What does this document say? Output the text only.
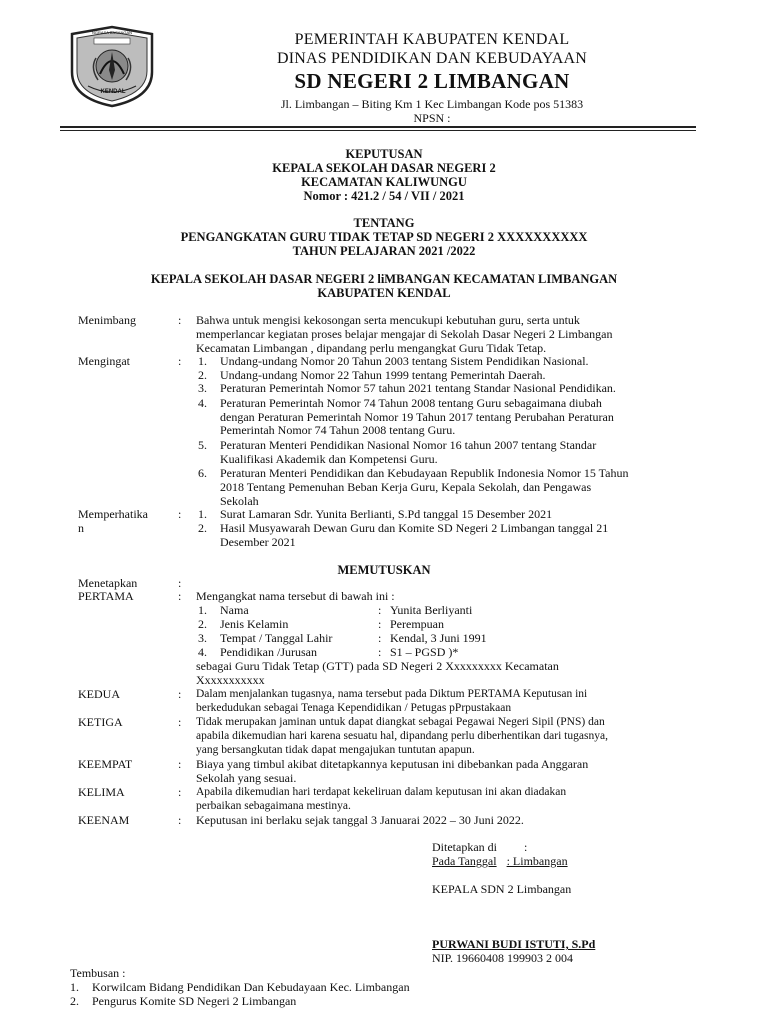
NGRASA BASANGAN
KENDAL
PEMERINTAH KABUPATEN KENDAL
DINAS PENDIDIKAN DAN KEBUDAYAAN
SD NEGERI 2 LIMBANGAN
Jl. Limbangan – Biting Km 1 Kec Limbangan Kode pos 51383
NPSN :
KEPUTUSAN
KEPALA SEKOLAH DASAR NEGERI 2
KECAMATAN KALIWUNGU
Nomor : 421.2 / 54 / VII / 2021
TENTANG
PENGANGKATAN GURU TIDAK TETAP SD NEGERI 2 XXXXXXXXXX
TAHUN PELAJARAN 2021 /2022
KEPALA SEKOLAH DASAR NEGERI 2 liMBANGAN KECAMATAN LIMBANGAN
KABUPATEN KENDAL
Menimbang	:	Bahwa untuk mengisi kekosongan serta mencukupi kebutuhan guru, serta untuk
memperlancar kegiatan proses belajar mengajar di Sekolah Dasar Negeri 2 Limbangan
Kecamatan Limbangan , dipandang perlu mengangkat Guru Tidak Tetap.
Mengingat	:	1.	Undang-undang Nomor 20 Tahun 2003 tentang Sistem Pendidikan Nasional.
2.	Undang-undang Nomor 22 Tahun 1999 tentang Pemerintah Daerah.
3.	Peraturan Pemerintah Nomor 57 tahun 2021 tentang Standar Nasional Pendidikan.
4.	Peraturan Pemerintah Nomor 74 Tahun 2008 tentang Guru sebagaimana diubah
dengan Peraturan Pemerintah Nomor 19 Tahun 2017 tentang Perubahan Peraturan
Pemerintah Nomor 74 Tahun 2008 tentang Guru.
5.	Peraturan Menteri Pendidikan Nasional Nomor 16 tahun 2007 tentang Standar
Kualifikasi Akademik dan Kompetensi Guru.
6.	Peraturan Menteri Pendidikan dan Kebudayaan Republik Indonesia Nomor 15 Tahun
2018 Tentang Pemenuhan Beban Kerja Guru, Kepala Sekolah, dan Pengawas
Sekolah
Memperhatika
n
:	1.	Surat Lamaran Sdr. Yunita Berlianti, S.Pd tanggal 15 Desember 2021
2.	Hasil Musyawarah Dewan Guru dan Komite SD Negeri 2 Limbangan tanggal 21
Desember 2021
MEMUTUSKAN
Menetapkan	:
PERTAMA	:	Mengangkat nama tersebut di bawah ini :
1.	Nama	: Yunita Berliyanti
2.	Jenis Kelamin	: Perempuan
3.	Tempat / Tanggal Lahir	: Kendal, 3 Juni 1991
4.	Pendidikan /Jurusan	: S1 – PGSD )*
sebagai Guru Tidak Tetap (GTT) pada SD Negeri 2 Xxxxxxxxx Kecamatan
Xxxxxxxxxxx
KEDUA	:	Dalam menjalankan tugasnya, nama tersebut pada Diktum PERTAMA Keputusan ini
berkedudukan sebagai Tenaga Kependidikan / Petugas pPrpustakaan
KETIGA	:	Tidak merupakan jaminan untuk dapat diangkat sebagai Pegawai Negeri Sipil (PNS) dan
apabila dikemudian hari karena sesuatu hal, dipandang perlu diberhentikan dari tugasnya,
yang bersangkutan tidak dapat mengajukan tuntutan apapun.
KEEMPAT	:	Biaya yang timbul akibat ditetapkannya keputusan ini dibebankan pada Anggaran
Sekolah yang sesuai.
KELIMA	:	Apabila dikemudian hari terdapat kekeliruan dalam keputusan ini akan diadakan
perbaikan sebagaimana mestinya.
KEENAM	:	Keputusan ini berlaku sejak tanggal 3 Januarai 2022 – 30 Juni 2022.
Ditetapkan di :
Pada Tanggal : Limbangan
KEPALA SDN 2 Limbangan
PURWANI BUDI ISTUTI, S.Pd
NIP. 19660408 199903 2 004
Tembusan :
1. Korwilcam Bidang Pendidikan Dan Kebudayaan Kec. Limbangan
2. Pengurus Komite SD Negeri 2 Limbangan
